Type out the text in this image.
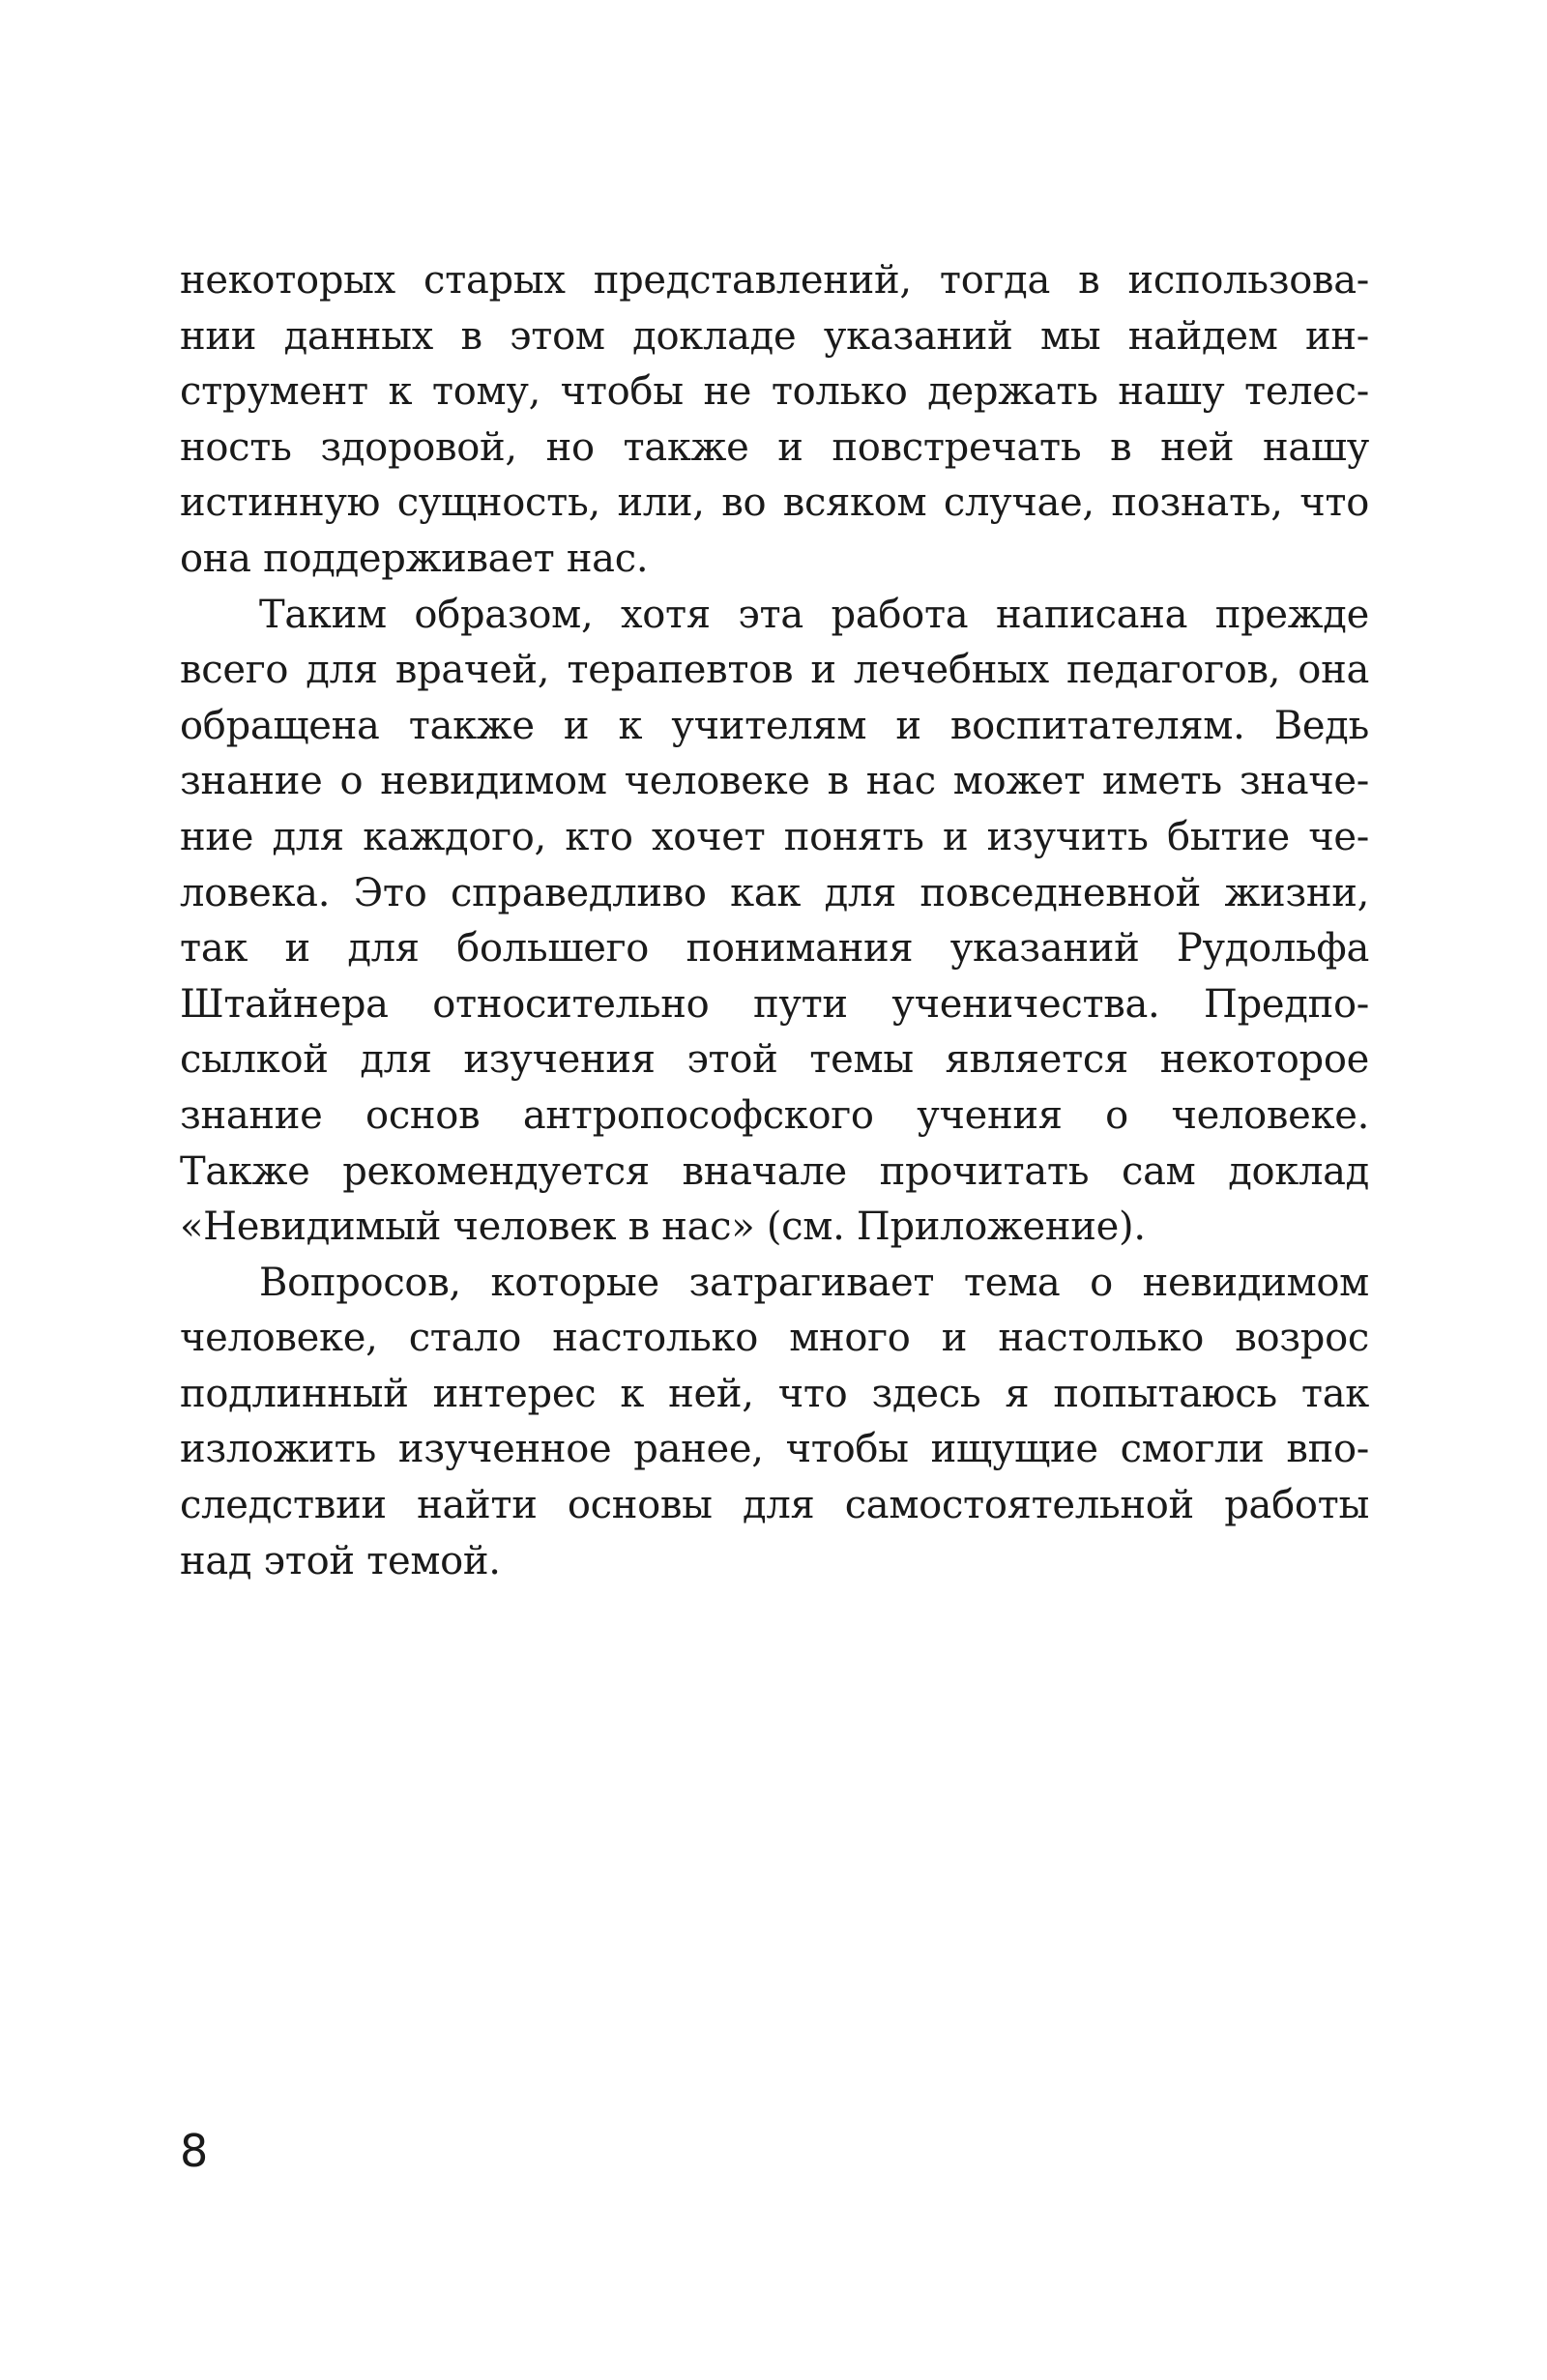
некоторых старых представлений, тогда в использова-
нии данных в этом докладе указаний мы найдем ин-
струмент к тому, чтобы не только держать нашу телес-
ность здоровой, но также и повстречать в ней нашу
истинную сущность, или, во всяком случае, познать, что
она поддерживает нас.
Таким образом, хотя эта работа написана прежде
всего для врачей, терапевтов и лечебных педагогов, она
обращена также и к учителям и воспитателям. Ведь
знание о невидимом человеке в нас может иметь значе-
ние для каждого, кто хочет понять и изучить бытие че-
ловека. Это справедливо как для повседневной жизни,
так и для большего понимания указаний Рудольфа
Штайнера относительно пути ученичества. Предпо-
сылкой для изучения этой темы является некоторое
знание основ антропософского учения о человеке.
Также рекомендуется вначале прочитать сам доклад
«Невидимый человек в нас» (см. Приложение).
Вопросов, которые затрагивает тема о невидимом
человеке, стало настолько много и настолько возрос
подлинный интерес к ней, что здесь я попытаюсь так
изложить изученное ранее, чтобы ищущие смогли впо-
следствии найти основы для самостоятельной работы
над этой темой.
8
